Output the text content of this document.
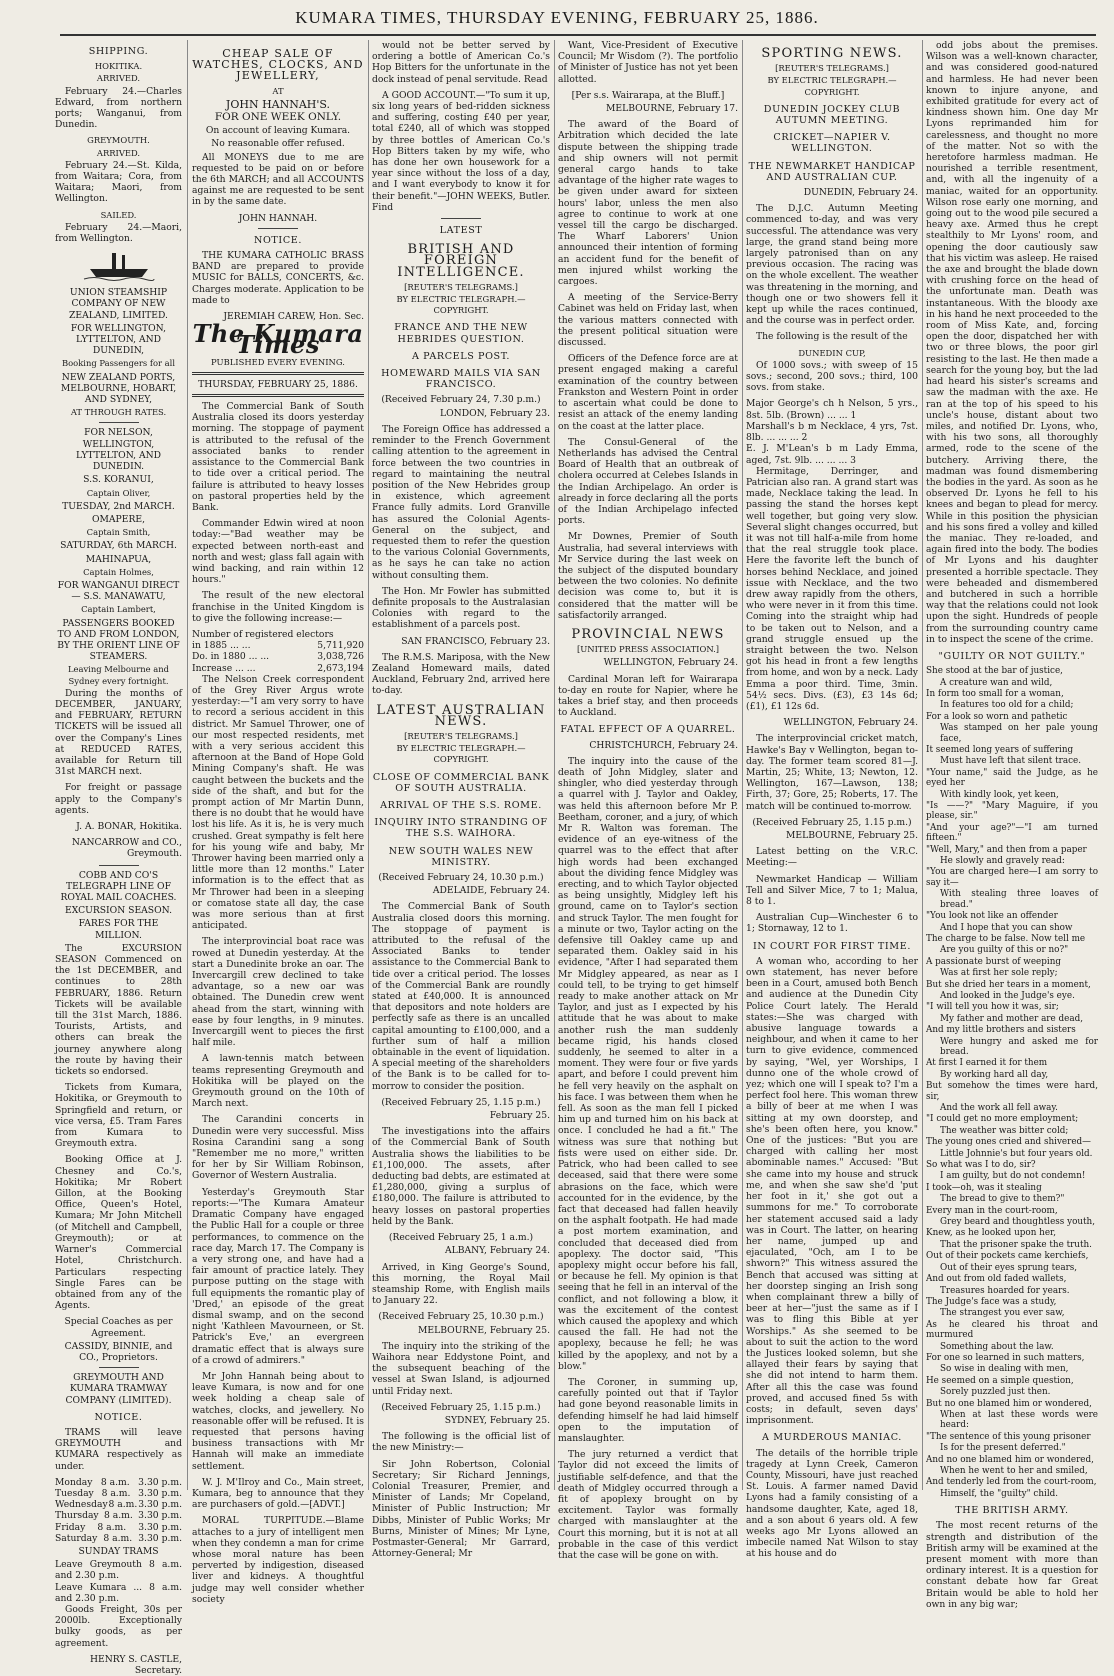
KUMARA TIMES, THURSDAY EVENING, FEBRUARY 25, 1886.
SHIPPING.
HOKITIKA.
ARRIVED.

February 24.—Charles Edward, from northern ports; Wanganui, from Dunedin.

GREYMOUTH.
ARRIVED.

February 24.—St. Kilda, from Waitara; Cora, from Waitara; Maori, from Wellington.

SAILED.

February 24.—Maori, from Wellington.

UNION STEAMSHIP COMPANY OF NEW ZEALAND, LIMITED.
FOR WELLINGTON, LYTTELTON, AND DUNEDIN,
Booking Passengers for all
NEW ZEALAND PORTS, MELBOURNE, HOBART, AND SYDNEY,
AT THROUGH RATES.
FOR NELSON, WELLINGTON, LYTTELTON, AND DUNEDIN.
S.S. KORANUI,
Captain Oliver,
TUESDAY, 2nd MARCH.
OMAPERE,
Captain Smith,
SATURDAY, 6th MARCH.
MAHINAPUA,
Captain Holmes,
FOR WANGANUI DIRECT— S.S. MANAWATU,
Captain Lambert,
PASSENGERS BOOKED TO AND FROM LONDON, BY THE ORIENT LINE OF STEAMERS.
Leaving Melbourne and Sydney every fortnight.

During the months of DECEMBER, JANUARY, and FEBRUARY, RETURN TICKETS will be issued all over the Company's Lines at REDUCED RATES, available for Return till 31st MARCH next.

For freight or passage apply to the Company's agents.

J. A. BONAR, Hokitika.
NANCARROW and CO., Greymouth.
COBB AND CO'S TELEGRAPH LINE OF ROYAL MAIL COACHES.
EXCURSION SEASON.
FARES FOR THE MILLION.

The EXCURSION SEASON Commenced on the 1st DECEMBER, and continues to 28th FEBRUARY, 1886. Return Tickets will be available till the 31st March, 1886. Tourists, Artists, and others can break the journey anywhere along the route by having their tickets so endorsed.

Tickets from Kumara, Hokitika, or Greymouth to Springfield and return, or vice versa, £5. Tram Fares from Kumara to Greymouth extra.

Booking Office at J. Chesney and Co.'s, Hokitika; Mr Robert Gillon, at the Booking Office, Queen's Hotel, Kumara; Mr John Mitchell (of Mitchell and Campbell, Greymouth); or at Warner's Commercial Hotel, Christchurch. Particulars respecting Single Fares can be obtained from any of the Agents.

Special Coaches as per Agreement.
CASSIDY, BINNIE, and CO., Proprietors.
GREYMOUTH AND KUMARA TRAMWAY COMPANY (LIMITED).
NOTICE.

TRAMS will leave GREYMOUTH and KUMARA respectively as under.

Monday 8 a.m. 3.30 p.m.
Tuesday 8 a.m. 3.30 p.m.
Wednesday 8 a.m. 3.30 p.m.
Thursday 8 a.m. 3.30 p.m.
Friday 8 a.m. 3.30 p.m.
Saturday 8 a.m. 3.30 p.m.
SUNDAY TRAMS
Leave Greymouth 8 a.m. and 2.30 p.m.
Leave Kumara ... 8 a.m. and 2.30 p.m.

Goods Freight, 30s per 2000lb. Exceptionally bulky goods, as per agreement.

HENRY S. CASTLE, Secretary.
CHEAP SALE OF WATCHES, CLOCKS, AND JEWELLERY,
AT
JOHN HANNAH'S.
FOR ONE WEEK ONLY.
On account of leaving Kumara.
No reasonable offer refused.

All MONEYS due to me are requested to be paid on or before the 6th MARCH; and all ACCOUNTS against me are requested to be sent in by the same date.

JOHN HANNAH.
NOTICE.

THE KUMARA CATHOLIC BRASS BAND are prepared to provide MUSIC for BALLS, CONCERTS, &c. Charges moderate. Application to be made to

JEREMIAH CAREW, Hon. Sec.
The Kumara Times
PUBLISHED EVERY EVENING.
THURSDAY, FEBRUARY 25, 1886.

The Commercial Bank of South Australia closed its doors yesterday morning. The stoppage of payment is attributed to the refusal of the associated banks to render assistance to the Commercial Bank to tide over a critical period. The failure is attributed to heavy losses on pastoral properties held by the Bank.

Commander Edwin wired at noon today:—"Bad weather may be expected between north-east and north and west; glass fall again with wind backing, and rain within 12 hours."

The result of the new electoral franchise in the United Kingdom is to give the following increase:—

Number of registered electors
in 1885 ... ...	5,711,920
Do. in 1880 ... ...	3,038,726
Increase ... ...	2,673,194

The Nelson Creek correspondent of the Grey River Argus wrote yesterday:—"I am very sorry to have to record a serious accident in this district. Mr Samuel Thrower, one of our most respected residents, met with a very serious accident this afternoon at the Band of Hope Gold Mining Company's shaft. He was caught between the buckets and the side of the shaft, and but for the prompt action of Mr Martin Dunn, there is no doubt that he would have lost his life. As it is, he is very much crushed. Great sympathy is felt here for his young wife and baby, Mr Thrower having been married only a little more than 12 months." Later information is to the effect that as Mr Thrower had been in a sleeping or comatose state all day, the case was more serious than at first anticipated.

The interprovincial boat race was rowed at Dunedin yesterday. At the start a Dunedinite broke an oar. The Invercargill crew declined to take advantage, so a new oar was obtained. The Dunedin crew went ahead from the start, winning with ease by four lengths, in 9 minutes. Invercargill went to pieces the first half mile.

A lawn-tennis match between teams representing Greymouth and Hokitika will be played on the Greymouth ground on the 10th of March next.

The Carandini concerts in Dunedin were very successful. Miss Rosina Carandini sang a song "Remember me no more," written for her by Sir William Robinson, Governor of Western Australia.

Yesterday's Greymouth Star reports:—"The Kumara Amateur Dramatic Company have engaged the Public Hall for a couple or three performances, to commence on the race day, March 17. The Company is a very strong one, and have had a fair amount of practice lately. They purpose putting on the stage with full equipments the romantic play of 'Dred,' an episode of the great dismal swamp, and on the second night 'Kathleen Mavourneen, or St. Patrick's Eve,' an evergreen dramatic effect that is always sure of a crowd of admirers."

Mr John Hannah being about to leave Kumara, is now and for one week holding a cheap sale of watches, clocks, and jewellery. No reasonable offer will be refused. It is requested that persons having business transactions with Mr Hannah will make an immediate settlement.

W. J. M'Ilroy and Co., Main street, Kumara, beg to announce that they are purchasers of gold.—[ADVT.]

MORAL TURPITUDE.—Blame attaches to a jury of intelligent men when they condemn a man for crime whose moral nature has been perverted by indigestion, diseased liver and kidneys. A thoughtful judge may well consider whether society

would not be better served by ordering a bottle of American Co.'s Hop Bitters for the unfortunate in the dock instead of penal servitude. Read

A GOOD ACCOUNT.—"To sum it up, six long years of bed-ridden sickness and suffering, costing £40 per year, total £240, all of which was stopped by three bottles of American Co.'s Hop Bitters taken by my wife, who has done her own housework for a year since without the loss of a day, and I want everybody to know it for their benefit."—JOHN WEEKS, Butler. Find

LATEST
BRITISH AND FOREIGN INTELLIGENCE.
[REUTER'S TELEGRAMS.]
BY ELECTRIC TELEGRAPH.—COPYRIGHT.
FRANCE AND THE NEW HEBRIDES QUESTION.
A PARCELS POST.
HOMEWARD MAILS VIA SAN FRANCISCO.
(Received February 24, 7.30 p.m.)
LONDON, February 23.

The Foreign Office has addressed a reminder to the French Government calling attention to the agreement in force between the two countries in regard to maintaining the neutral position of the New Hebrides group in existence, which agreement France fully admits. Lord Granville has assured the Colonial Agents-General on the subject, and requested them to refer the question to the various Colonial Governments, as he says he can take no action without consulting them.

The Hon. Mr Fowler has submitted definite proposals to the Australasian Colonies with regard to the establishment of a parcels post.

SAN FRANCISCO, February 23.

The R.M.S. Mariposa, with the New Zealand Homeward mails, dated Auckland, February 2nd, arrived here to-day.

LATEST AUSTRALIAN NEWS.
[REUTER'S TELEGRAMS.]
BY ELECTRIC TELEGRAPH.—COPYRIGHT.
CLOSE OF COMMERCIAL BANK OF SOUTH AUSTRALIA.
ARRIVAL OF THE S.S. ROME.
INQUIRY INTO STRANDING OF THE S.S. WAIHORA.
NEW SOUTH WALES NEW MINISTRY.
(Received February 24, 10.30 p.m.)
ADELAIDE, February 24.

The Commercial Bank of South Australia closed doors this morning. The stoppage of payment is attributed to the refusal of the Associated Banks to tender assistance to the Commercial Bank to tide over a critical period. The losses of the Commercial Bank are roundly stated at £40,000. It is announced that depositors and note holders are perfectly safe as there is an uncalled capital amounting to £100,000, and a further sum of half a million obtainable in the event of liquidation. A special meeting of the shareholders of the Bank is to be called for to-morrow to consider the position.

(Received February 25, 1.15 p.m.)
February 25.

The investigations into the affairs of the Commercial Bank of South Australia shows the liabilities to be £1,100,000. The assets, after deducting bad debts, are estimated at £1,280,000, giving a surplus of £180,000. The failure is attributed to heavy losses on pastoral properties held by the Bank.

(Received February 25, 1 a.m.)
ALBANY, February 24.

Arrived, in King George's Sound, this morning, the Royal Mail steamship Rome, with English mails to January 22.

(Received February 25, 10.30 p.m.)
MELBOURNE, February 25.

The inquiry into the striking of the Waihora near Eddystone Point, and the subsequent beaching of the vessel at Swan Island, is adjourned until Friday next.

(Received February 25, 1.15 p.m.)
SYDNEY, February 25.

The following is the official list of the new Ministry:—

Sir John Robertson, Colonial Secretary; Sir Richard Jennings, Colonial Treasurer, Premier, and Minister of Lands; Mr Copeland, Minister of Public Instruction; Mr Dibbs, Minister of Public Works; Mr Burns, Minister of Mines; Mr Lyne, Postmaster-General; Mr Garrard, Attorney-General; Mr

Want, Vice-President of Executive Council; Mr Wisdom (?). The portfolio of Minister of Justice has not yet been allotted.

[Per s.s. Wairarapa, at the Bluff.]
MELBOURNE, February 17.

The award of the Board of Arbitration which decided the late dispute between the shipping trade and ship owners will not permit general cargo hands to take advantage of the higher rate wages to be given under award for sixteen hours' labor, unless the men also agree to continue to work at one vessel till the cargo be discharged. The Wharf Laborers' Union announced their intention of forming an accident fund for the benefit of men injured whilst working the cargoes.

A meeting of the Service-Berry Cabinet was held on Friday last, when the various matters connected with the present political situation were discussed.

Officers of the Defence force are at present engaged making a careful examination of the country between Frankston and Western Point in order to ascertain what could be done to resist an attack of the enemy landing on the coast at the latter place.

The Consul-General of the Netherlands has advised the Central Board of Health that an outbreak of cholera occurred at Celebes Islands in the Indian Archipelago. An order is already in force declaring all the ports of the Indian Archipelago infected ports.

Mr Downes, Premier of South Australia, had several interviews with Mr Service during the last week on the subject of the disputed boundary between the two colonies. No definite decision was come to, but it is considered that the matter will be satisfactorily arranged.

PROVINCIAL NEWS
[UNITED PRESS ASSOCIATION.]
WELLINGTON, February 24.

Cardinal Moran left for Wairarapa to-day en route for Napier, where he takes a brief stay, and then proceeds to Auckland.

FATAL EFFECT OF A QUARREL.
CHRISTCHURCH, February 24.

The inquiry into the cause of the death of John Midgley, slater and shingler, who died yesterday through a quarrel with J. Taylor and Oakley, was held this afternoon before Mr P. Beetham, coroner, and a jury, of which Mr R. Walton was foreman. The evidence of an eye-witness of the quarrel was to the effect that after high words had been exchanged about the dividing fence Midgley was erecting, and to which Taylor objected as being unsightly, Midgley left his ground, came on to Taylor's section and struck Taylor. The men fought for a minute or two, Taylor acting on the defensive till Oakley came up and separated them. Oakley said in his evidence, "After I had separated them Mr Midgley appeared, as near as I could tell, to be trying to get himself ready to make another attack on Mr Taylor, and just as I expected by his attitude that he was about to make another rush the man suddenly became rigid, his hands closed suddenly, he seemed to alter in a moment. They were four or five yards apart, and before I could prevent him he fell very heavily on the asphalt on his face. I was between them when he fell. As soon as the man fell I picked him up and turned him on his back at once. I concluded he had a fit." The witness was sure that nothing but fists were used on either side. Dr. Patrick, who had been called to see deceased, said that there were some abrasions on the face, which were accounted for in the evidence, by the fact that deceased had fallen heavily on the asphalt footpath. He had made a post mortem examination, and concluded that deceased died from apoplexy. The doctor said, "This apoplexy might occur before his fall, or because he fell. My opinion is that seeing that he fell in an interval of the conflict, and not following a blow, it was the excitement of the contest which caused the apoplexy and which caused the fall. He had not the apoplexy, because he fell; he was killed by the apoplexy, and not by a blow."

The Coroner, in summing up, carefully pointed out that if Taylor had gone beyond reasonable limits in defending himself he had laid himself open to the imputation of manslaughter.

The jury returned a verdict that Taylor did not exceed the limits of justifiable self-defence, and that the death of Midgley occurred through a fit of apoplexy brought on by excitement. Taylor was formally charged with manslaughter at the Court this morning, but it is not at all probable in the case of this verdict that the case will be gone on with.

SPORTING NEWS.
[REUTER'S TELEGRAMS.]
BY ELECTRIC TELEGRAPH.—COPYRIGHT.
DUNEDIN JOCKEY CLUB AUTUMN MEETING.
CRICKET—NAPIER V. WELLINGTON.
THE NEWMARKET HANDICAP AND AUSTRALIAN CUP.
DUNEDIN, February 24.

The D.J.C. Autumn Meeting commenced to-day, and was very successful. The attendance was very large, the grand stand being more largely patronised than on any previous occasion. The racing was on the whole excellent. The weather was threatening in the morning, and though one or two showers fell it kept up while the races continued, and the course was in perfect order.

The following is the result of the

DUNEDIN CUP,

Of 1000 sovs.; with sweep of 15 sovs.; second, 200 sovs.; third, 100 sovs. from stake.

Major George's ch h Nelson, 5 yrs., 8st. 5lb. (Brown) ... ... 1
Marshall's b m Necklace, 4 yrs, 7st. 8lb. ... ... ... 2
E. J. M'Lean's b m Lady Emma, aged, 7st. 9lb. ... ... ... 3

Hermitage, Derringer, and Patrician also ran. A grand start was made, Necklace taking the lead. In passing the stand the horses kept well together, but going very slow. Several slight changes occurred, but it was not till half-a-mile from home that the real struggle took place. Here the favorite left the bunch of horses behind Necklace, and joined issue with Necklace, and the two drew away rapidly from the others, who were never in it from this time. Coming into the straight whip had to be taken out to Nelson, and a grand struggle ensued up the straight between the two. Nelson got his head in front a few lengths from home, and won by a neck. Lady Emma a poor third. Time, 3min. 54½ secs. Divs. (£3), £3 14s 6d; (£1), £1 12s 6d.

WELLINGTON, February 24.

The interprovincial cricket match, Hawke's Bay v Wellington, began to-day. The former team scored 81—J. Martin, 25; White, 13; Newton, 12. Wellington, 167—Lawson, 138; Firth, 37; Gore, 25; Roberts, 17. The match will be continued to-morrow.

(Received February 25, 1.15 p.m.)
MELBOURNE, February 25.

Latest betting on the V.R.C. Meeting:—

Newmarket Handicap — William Tell and Silver Mice, 7 to 1; Malua, 8 to 1.

Australian Cup—Winchester 6 to 1; Stornaway, 12 to 1.

IN COURT FOR FIRST TIME.

A woman who, according to her own statement, has never before been in a Court, amused both Bench and audience at the Dunedin City Police Court lately. The Herald states:—She was charged with abusive language towards a neighbour, and when it came to her turn to give evidence, commenced by saying, "Wel, yer Worships, I dunno one of the whole crowd of yez; which one will I speak to? I'm a perfect fool here. This woman threw a billy of beer at me when I was sitting at my own doorstep, and she's been often here, you know." One of the justices: "But you are charged with calling her most abominable names." Accused: "But she came into my house and struck me, and when she saw she'd 'put her foot in it,' she got out a summons for me." To corroborate her statement accused said a lady was in Court. The latter, on hearing her name, jumped up and ejaculated, "Och, am I to be shworn?" This witness assured the Bench that accused was sitting at her doorstep singing an Irish song when complainant threw a billy of beer at her—"just the same as if I was to fling this Bible at yer Worships." As she seemed to be about to suit the action to the word the Justices looked solemn, but she allayed their fears by saying that she did not intend to harm them. After all this the case was found proved, and accused fined 5s with costs; in default, seven days' imprisonment.

A MURDEROUS MANIAC.

The details of the horrible triple tragedy at Lynn Creek, Cameron County, Missouri, have just reached St. Louis. A farmer named David Lyons had a family consisting of a handsome daughter, Kate, aged 18, and a son about 6 years old. A few weeks ago Mr Lyons allowed an imbecile named Nat Wilson to stay at his house and do

odd jobs about the premises. Wilson was a well-known character, and was considered good-natured and harmless. He had never been known to injure anyone, and exhibited gratitude for every act of kindness shown him. One day Mr Lyons reprimanded him for carelessness, and thought no more of the matter. Not so with the heretofore harmless madman. He nourished a terrible resentment, and, with all the ingenuity of a maniac, waited for an opportunity. Wilson rose early one morning, and going out to the wood pile secured a heavy axe. Armed thus he crept stealthily to Mr Lyons' room, and opening the door cautiously saw that his victim was asleep. He raised the axe and brought the blade down with crushing force on the head of the unfortunate man. Death was instantaneous. With the bloody axe in his hand he next proceeded to the room of Miss Kate, and, forcing open the door, dispatched her with two or three blows, the poor girl resisting to the last. He then made a search for the young boy, but the lad had heard his sister's screams and saw the madman with the axe. He ran at the top of his speed to his uncle's house, distant about two miles, and notified Dr. Lyons, who, with his two sons, all thoroughly armed, rode to the scene of the butchery. Arriving there, the madman was found dismembering the bodies in the yard. As soon as he observed Dr. Lyons he fell to his knees and began to plead for mercy. While in this position the physician and his sons fired a volley and killed the maniac. They re-loaded, and again fired into the body. The bodies of Mr Lyons and his daughter presented a horrible spectacle. They were beheaded and dismembered and butchered in such a horrible way that the relations could not look upon the sight. Hundreds of people from the surrounding country came in to inspect the scene of the crime.

"GUILTY OR NOT GUILTY."
She stood at the bar of justice,
A creature wan and wild,
In form too small for a woman,
In features too old for a child;
For a look so worn and pathetic
Was stamped on her pale young face,
It seemed long years of suffering
Must have left that silent trace.
"Your name," said the Judge, as he eyed her
With kindly look, yet keen,
"Is ——?" "Mary Maguire, if you please, sir."
"And your age?"—"I am turned fifteen."
"Well, Mary," and then from a paper
He slowly and gravely read:
"You are charged here—I am sorry to say it—
With stealing three loaves of bread."
"You look not like an offender
And I hope that you can show
The charge to be false. Now tell me
Are you guilty of this or no?"
A passionate burst of weeping
Was at first her sole reply;
But she dried her tears in a moment,
And looked in the Judge's eye.
"I will tell you how it was, sir;
My father and mother are dead,
And my little brothers and sisters
Were hungry and asked me for bread.
At first I earned it for them
By working hard all day,
But somehow the times were hard, sir,
And the work all fell away.
"I could get no more employment;
The weather was bitter cold;
The young ones cried and shivered—
Little Johnnie's but four years old.
So what was I to do, sir?
I am guilty, but do not condemn!
I took—oh, was it stealing
The bread to give to them?"
Every man in the court-room,
Grey beard and thoughtless youth,
Knew, as he looked upon her,
That the prisoner spake the truth.
Out of their pockets came kerchiefs,
Out of their eyes sprung tears,
And out from old faded wallets,
Treasures hoarded for years.
The Judge's face was a study,
The strangest you ever saw,
As he cleared his throat and murmured
Something about the law.
For one so learned in such matters,
So wise in dealing with men,
He seemed on a simple question,
Sorely puzzled just then.
But no one blamed him or wondered,
When at last these words were heard:
"The sentence of this young prisoner
Is for the present deferred."
And no one blamed him or wondered,
When he went to her and smiled,
And tenderly led from the court-room,
Himself, the "guilty" child.
THE BRITISH ARMY.

The most recent returns of the strength and distribution of the British army will be examined at the present moment with more than ordinary interest. It is a question for constant debate how far Great Britain would be able to hold her own in any big war;
